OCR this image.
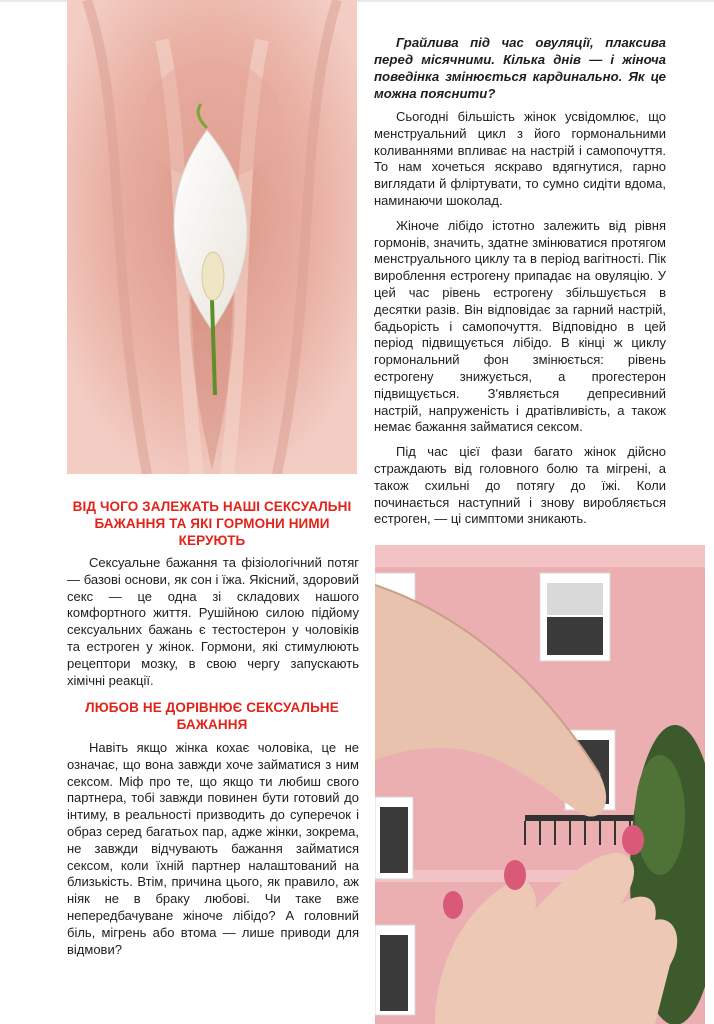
Грайлива під час овуляції, плаксива перед місячними. Кілька днів — і жіноча поведінка змінюється кардинально. Як це можна пояснити?

Сьогодні більшість жінок усвідомлює, що менструальний цикл з його гормональними коливаннями впливає на настрій і самопочуття. То нам хочеться яскраво вдягнутися, гарно виглядати й фліртувати, то сумно сидіти вдома, наминаючи шоколад.

Жіноче лібідо істотно залежить від рівня гормонів, значить, здатне змінюватися протягом менструального циклу та в період вагітності. Пік вироблення естрогену припадає на овуляцію. У цей час рівень естрогену збільшується в десятки разів. Він відповідає за гарний настрій, бадьорість і самопочуття. Відповідно в цей період підвищується лібідо. В кінці ж циклу гормональний фон змінюється: рівень естрогену знижується, а прогестерон підвищується. З'являється депресивний настрій, напруженість і дратівливість, а також немає бажання займатися сексом.

Під час цієї фази багато жінок дійсно страждають від головного болю та мігрені, а також схильні до потягу до їжі. Коли починається наступний і знову виробляється естроген, — ці симптоми зникають.

ВІД ЧОГО ЗАЛЕЖАТЬ НАШІ СЕКСУАЛЬНІ БАЖАННЯ ТА ЯКІ ГОРМОНИ НИМИ КЕРУЮТЬ

Сексуальне бажання та фізіологічний потяг — базові основи, як сон і їжа. Якісний, здоровий секс — це одна зі складових нашого комфортного життя. Рушійною силою підйому сексуальних бажань є тестостерон у чоловіків та естроген у жінок. Гормони, які стимулюють рецептори мозку, в свою чергу запускають хімічні реакції.

ЛЮБОВ НЕ ДОРІВНЮЄ СЕКСУАЛЬНЕ БАЖАННЯ

Навіть якщо жінка кохає чоловіка, це не означає, що вона завжди хоче займатися з ним сексом. Міф про те, що якщо ти любиш свого партнера, тобі завжди повинен бути готовий до інтиму, в реальності призводить до суперечок і образ серед багатьох пар, адже жінки, зокрема, не завжди відчувають бажання займатися сексом, коли їхній партнер налаштований на близькість. Втім, причина цього, як правило, аж ніяк не в браку любові. Чи таке вже непередбачуване жіноче лібідо? А головний біль, мігрень або втома — лише приводи для відмови?
